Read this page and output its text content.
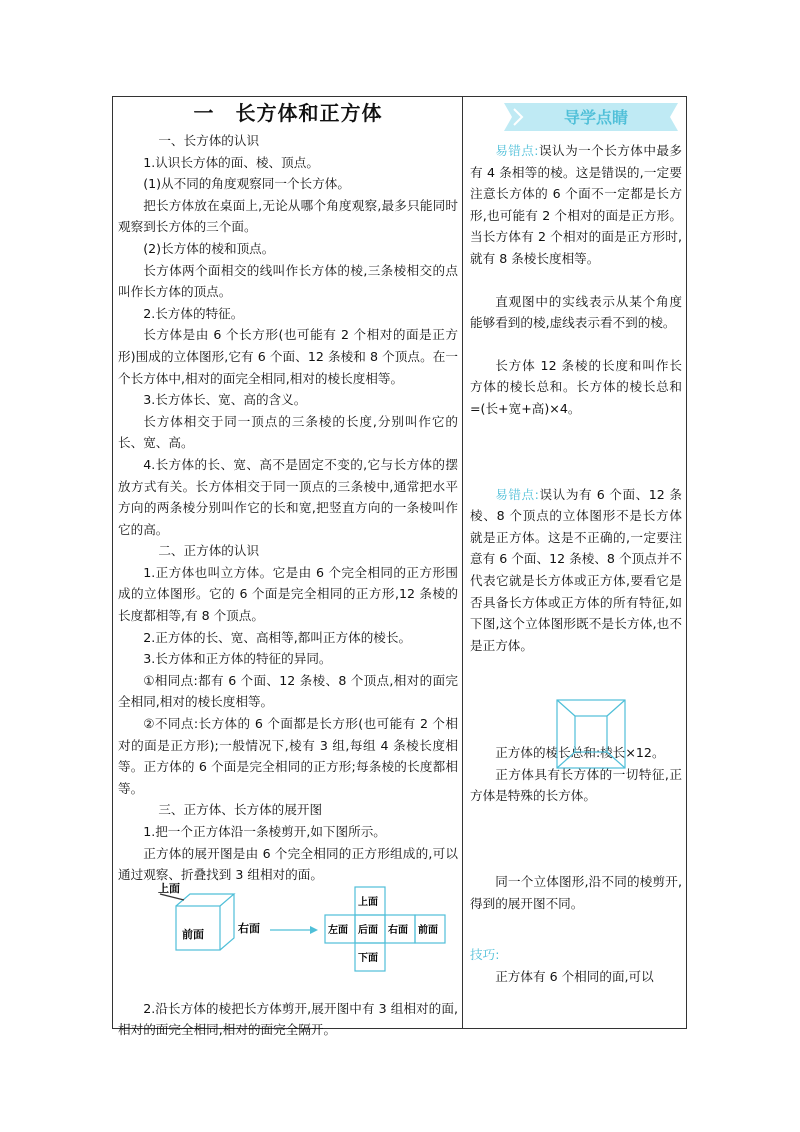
一　长方体和正方体

一、长方体的认识

1.认识长方体的面、棱、顶点。

(1)从不同的角度观察同一个长方体。

把长方体放在桌面上,无论从哪个角度观察,最多只能同时观察到长方体的三个面。

(2)长方体的棱和顶点。

长方体两个面相交的线叫作长方体的棱,三条棱相交的点叫作长方体的顶点。

2.长方体的特征。

长方体是由 6 个长方形(也可能有 2 个相对的面是正方形)围成的立体图形,它有 6 个面、12 条棱和 8 个顶点。在一个长方体中,相对的面完全相同,相对的棱长度相等。

3.长方体长、宽、高的含义。

长方体相交于同一顶点的三条棱的长度,分别叫作它的长、宽、高。

4.长方体的长、宽、高不是固定不变的,它与长方体的摆放方式有关。长方体相交于同一顶点的三条棱中,通常把水平方向的两条棱分别叫作它的长和宽,把竖直方向的一条棱叫作它的高。

二、正方体的认识

1.正方体也叫立方体。它是由 6 个完全相同的正方形围成的立体图形。它的 6 个面是完全相同的正方形,12 条棱的长度都相等,有 8 个顶点。

2.正方体的长、宽、高相等,都叫正方体的棱长。

3.长方体和正方体的特征的异同。

①相同点:都有 6 个面、12 条棱、8 个顶点,相对的面完全相同,相对的棱长度相等。

②不同点:长方体的 6 个面都是长方形(也可能有 2 个相对的面是正方形);一般情况下,棱有 3 组,每组 4 条棱长度相等。正方体的 6 个面是完全相同的正方形;每条棱的长度都相等。

三、正方体、长方体的展开图

1.把一个正方体沿一条棱剪开,如下图所示。

正方体的展开图是由 6 个完全相同的正方形组成的,可以通过观察、折叠找到 3 组相对的面。

2.沿长方体的棱把长方体剪开,展开图中有 3 组相对的面,相对的面完全相同,相对的面完全隔开。

上面
前面	右面
上面
左面 后面 右面 前面
下面
导学点睛

易错点:误认为一个长方体中最多有 4 条相等的棱。这是错误的,一定要注意长方体的 6 个面不一定都是长方形,也可能有 2 个相对的面是正方形。当长方体有 2 个相对的面是正方形时,就有 8 条棱长度相等。

直观图中的实线表示从某个角度能够看到的棱,虚线表示看不到的棱。

长方体 12 条棱的长度和叫作长方体的棱长总和。长方体的棱长总和=(长+宽+高)×4。

易错点:误认为有 6 个面、12 条棱、8 个顶点的立体图形不是长方体就是正方体。这是不正确的,一定要注意有 6 个面、12 条棱、8 个顶点并不代表它就是长方体或正方体,要看它是否具备长方体或正方体的所有特征,如下图,这个立体图形既不是长方体,也不是正方体。

正方体的棱长总和:棱长×12。

正方体具有长方体的一切特征,正方体是特殊的长方体。

同一个立体图形,沿不同的棱剪开,得到的展开图不同。

技巧:

正方体有 6 个相同的面,可以
